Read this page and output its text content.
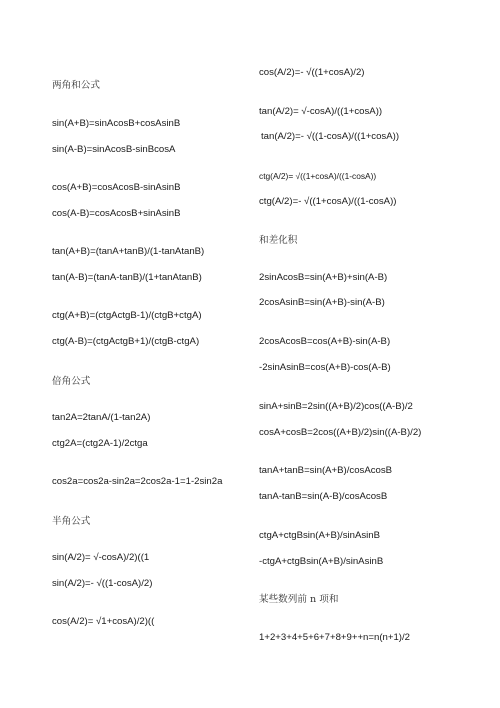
两角和公式
sin(A+B)=sinAcosB+cosAsinB
sin(A-B)=sinAcosB-sinBcosA
cos(A+B)=cosAcosB-sinAsinB
cos(A-B)=cosAcosB+sinAsinB
tan(A+B)=(tanA+tanB)/(1-tanAtanB)
tan(A-B)=(tanA-tanB)/(1+tanAtanB)
ctg(A+B)=(ctgActgB-1)/(ctgB+ctgA)
ctg(A-B)=(ctgActgB+1)/(ctgB-ctgA)
倍角公式
tan2A=2tanA/(1-tan2A)
ctg2A=(ctg2A-1)/2ctga
cos2a=cos2a-sin2a=2cos2a-1=1-2sin2a
半角公式
sin(A/2)= √-cosA)/2)((1
sin(A/2)=- √((1-cosA)/2)
cos(A/2)= √1+cosA)/2)((
cos(A/2)=- √((1+cosA)/2)
tan(A/2)= √-cosA)/((1+cosA))
tan(A/2)=- √((1-cosA)/((1+cosA))
ctg(A/2)= √((1+cosA)/((1-cosA))
ctg(A/2)=- √((1+cosA)/((1-cosA))
和差化积
2sinAcosB=sin(A+B)+sin(A-B)
2cosAsinB=sin(A+B)-sin(A-B)
2cosAcosB=cos(A+B)-sin(A-B)
-2sinAsinB=cos(A+B)-cos(A-B)
sinA+sinB=2sin((A+B)/2)cos((A-B)/2
cosA+cosB=2cos((A+B)/2)sin((A-B)/2)
tanA+tanB=sin(A+B)/cosAcosB
tanA-tanB=sin(A-B)/cosAcosB
ctgA+ctgBsin(A+B)/sinAsinB
-ctgA+ctgBsin(A+B)/sinAsinB
某些数列前 n 项和
1+2+3+4+5+6+7+8+9++n=n(n+1)/2
